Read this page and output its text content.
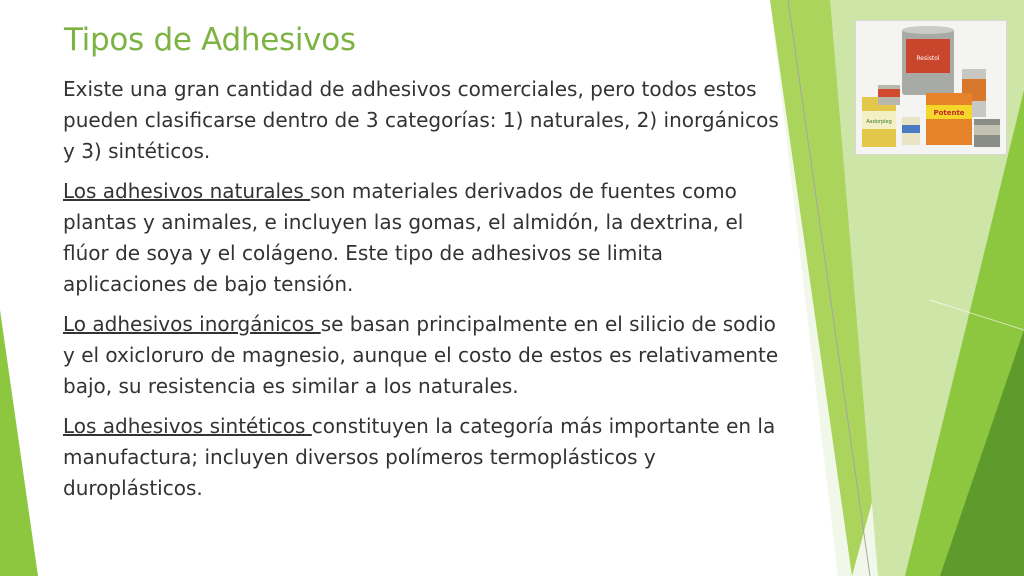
Tipos de Adhesivos

Existe una gran cantidad de adhesivos comerciales, pero todos estos pueden clasificarse dentro de 3 categorías: 1) naturales, 2) inorgánicos y 3) sintéticos.

Los adhesivos naturales son materiales derivados de fuentes como plantas y animales, e incluyen las gomas, el almidón, la dextrina, el flúor de soya y el colágeno. Este tipo de adhesivos se limita aplicaciones de bajo tensión.

Lo adhesivos inorgánicos se basan principalmente en el silicio de sodio y el oxicloruro de magnesio, aunque el costo de estos es relativamente bajo, su resistencia es similar a los naturales.

Los adhesivos sintéticos constituyen la categoría más importante en la manufactura; incluyen diversos polímeros termoplásticos y duroplásticos.

Resistol
Aadorpleg
Potente
